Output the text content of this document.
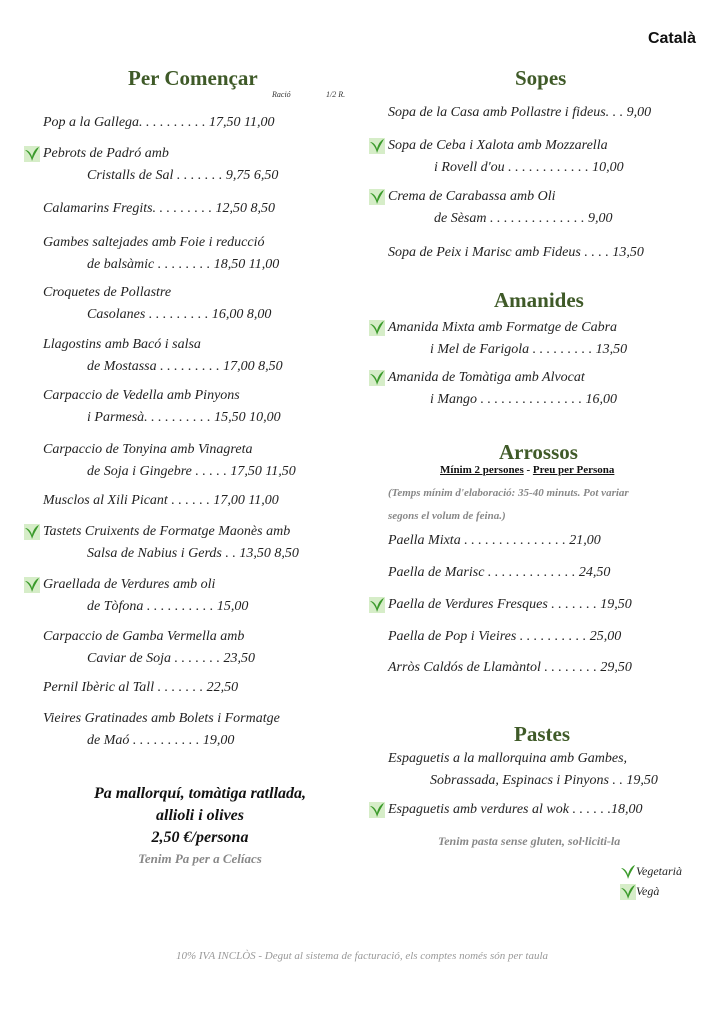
Català
Per Començar
Ració	1/2 R.
Pop a la Gallega. . . . . . . . . . 17,50 11,00
Pebrots de Padró amb
Cristalls de Sal . . . . . . . 9,75 6,50
Calamarins Fregits. . . . . . . . . 12,50 8,50
Gambes saltejades amb Foie i reducció
de balsàmic . . . . . . . . 18,50 11,00
Croquetes de Pollastre
Casolanes . . . . . . . . . 16,00 8,00
Llagostins amb Bacó i salsa
de Mostassa . . . . . . . . . 17,00 8,50
Carpaccio de Vedella amb Pinyons
i Parmesà. . . . . . . . . . 15,50 10,00
Carpaccio de Tonyina amb Vinagreta
de Soja i Gingebre . . . . . 17,50 11,50
Musclos al Xili Picant . . . . . . 17,00 11,00
Tastets Cruixents de Formatge Maonès amb
Salsa de Nabius i Gerds . . 13,50 8,50
Graellada de Verdures amb oli
de Tòfona . . . . . . . . . . 15,00
Carpaccio de Gamba Vermella amb
Caviar de Soja . . . . . . . 23,50
Pernil Ibèric al Tall . . . . . . . 22,50
Vieires Gratinades amb Bolets i Formatge
de Maó . . . . . . . . . . 19,00
Pa mallorquí, tomàtiga ratllada,
allioli i olives
2,50 €/persona
Tenim Pa per a Celíacs
Sopes
Sopa de la Casa amb Pollastre i fideus. . . 9,00
Sopa de Ceba i Xalota amb Mozzarella
i Rovell d'ou . . . . . . . . . . . . 10,00
Crema de Carabassa amb Oli
de Sèsam . . . . . . . . . . . . . . 9,00
Sopa de Peix i Marisc amb Fideus . . . . 13,50
Amanides
Amanida Mixta amb Formatge de Cabra
i Mel de Farigola . . . . . . . . . 13,50
Amanida de Tomàtiga amb Alvocat
i Mango . . . . . . . . . . . . . . . 16,00
Arrossos
Mínim 2 persones - Preu per Persona
(Temps mínim d'elaboració: 35-40 minuts. Pot variar
segons el volum de feina.)
Paella Mixta . . . . . . . . . . . . . . . 21,00
Paella de Marisc . . . . . . . . . . . . . 24,50
Paella de Verdures Fresques . . . . . . . 19,50
Paella de Pop i Vieires . . . . . . . . . . 25,00
Arròs Caldós de Llamàntol . . . . . . . . 29,50
Pastes
Espaguetis a la mallorquina amb Gambes,
Sobrassada, Espinacs i Pinyons . . 19,50
Espaguetis amb verdures al wok . . . . . .18,00
Tenim pasta sense gluten, sol·liciti-la
Vegetarià
Vegà
10% IVA INCLÒS - Degut al sistema de facturació, els comptes només són per taula
